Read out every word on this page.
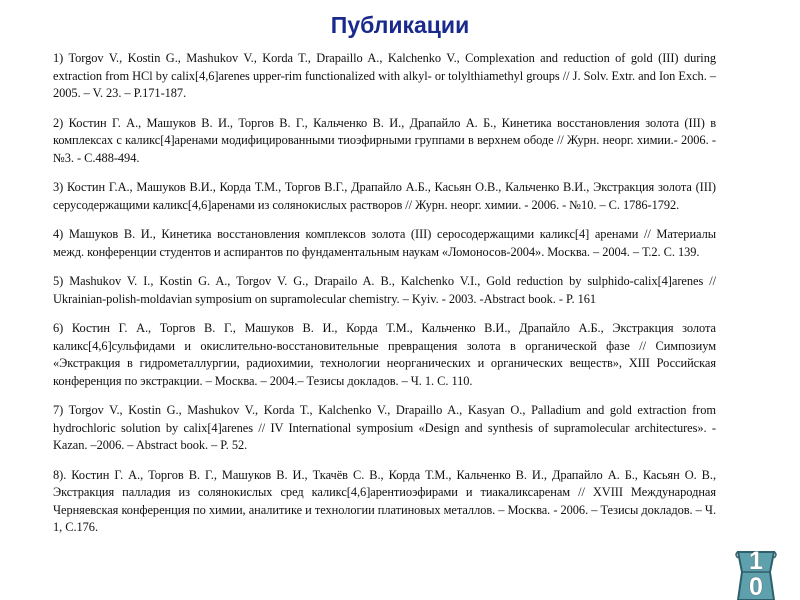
Публикации
1) Torgov V., Kostin G., Mashukov V., Korda T., Drapaillo A., Kalchenko V., Complexation and reduction of gold (III) during extraction from HCl by calix[4,6]arenes upper-rim functionalized with alkyl- or tolylthiamethyl groups // J. Solv. Extr. and Ion Exch. – 2005. – V. 23. – P.171-187.
2) Костин Г. А., Машуков В. И., Торгов В. Г., Кальченко В. И., Драпайло А. Б., Кинетика восстановления золота (III) в комплексах с каликс[4]аренами модифицированными тиоэфирными группами в верхнем ободе // Журн. неорг. химии.- 2006. - №3. - С.488-494.
3) Костин Г.А., Машуков В.И., Корда Т.М., Торгов В.Г., Драпайло А.Б., Касьян О.В., Кальченко В.И., Экстракция золота (III) серусодержащими каликс[4,6]аренами из солянокислых растворов // Журн. неорг. химии. - 2006. - №10. – С. 1786-1792.
4) Машуков В. И., Кинетика восстановления комплексов золота (III) серосодержащими каликс[4] аренами // Материалы межд. конференции студентов и аспирантов по фундаментальным наукам «Ломоносов-2004». Москва. – 2004. – Т.2. С. 139.
5) Mashukov V. I., Kostin G. A., Torgov V. G., Drapailo A. B., Kalchenko V.I., Gold reduction by sulphido-calix[4]arenes // Ukrainian-polish-moldavian symposium on supramolecular chemistry. – Kyiv. - 2003. -Abstract book. - P. 161
6) Костин Г. А., Торгов В. Г., Машуков В. И., Корда Т.М., Кальченко В.И., Драпайло А.Б., Экстракция золота каликс[4,6]сульфидами и окислительно-восстановительные превращения золота в органической фазе // Симпозиум «Экстракция в гидрометаллургии, радиохимии, технологии неорганических и органических веществ», XIII Российская конференция по экстракции. – Москва. – 2004.– Тезисы докладов. – Ч. 1. С. 110.
7) Torgov V., Kostin G., Mashukov V., Korda T., Kalchenko V., Drapaillo A., Kasyan O., Palladium and gold extraction from hydrochloric solution by calix[4]arenes // IV International symposium «Design and synthesis of supramolecular architectures». - Kazan. –2006. – Abstract book. – P. 52.
8). Костин Г. А., Торгов В. Г., Машуков В. И., Ткачёв С. В., Корда Т.М., Кальченко В. И., Драпайло А. Б., Касьян О. В., Экстракция палладия из солянокислых сред каликс[4,6]арентиоэфирами и тиакаликсаренам // XVIII Международная Черняевская конференция по химии, аналитике и технологии платиновых металлов. – Москва. - 2006. – Тезисы докладов. – Ч. 1, С.176.
10
